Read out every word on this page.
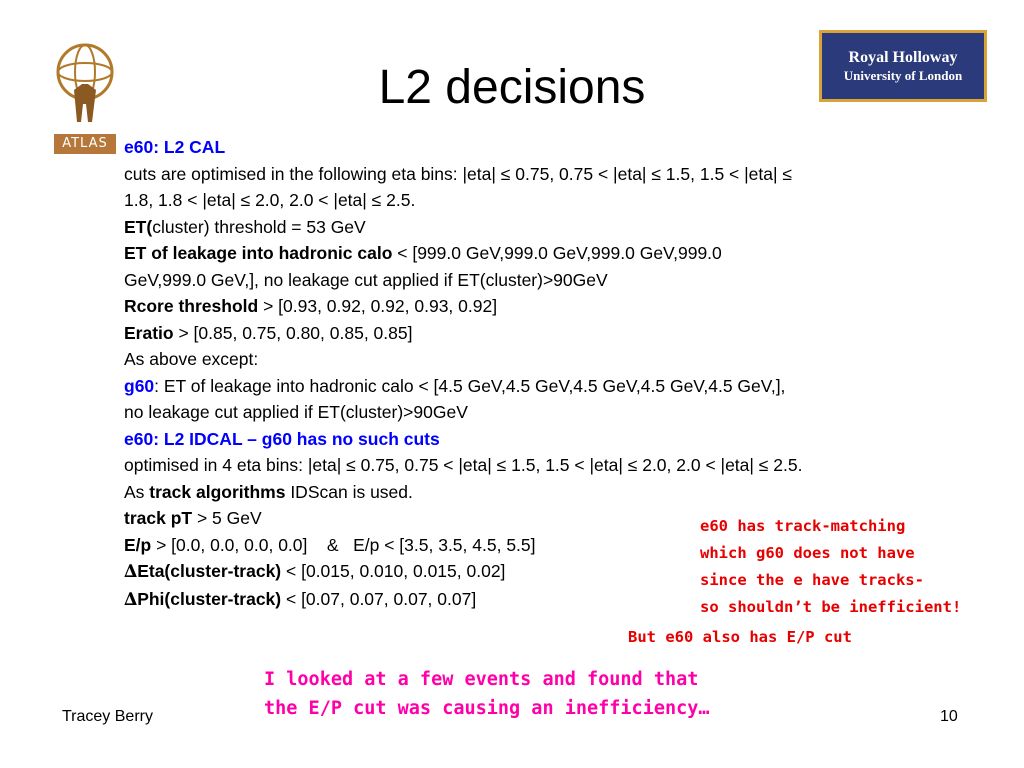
ATLAS
Royal Holloway
University of London
L2 decisions
e60: L2 CAL
cuts are optimised in the following eta bins: |eta| ≤ 0.75, 0.75 < |eta| ≤ 1.5, 1.5 < |eta| ≤
1.8, 1.8 < |eta| ≤ 2.0, 2.0 < |eta| ≤ 2.5.
ET(cluster) threshold = 53 GeV
ET of leakage into hadronic calo < [999.0 GeV,999.0 GeV,999.0 GeV,999.0
GeV,999.0 GeV,], no leakage cut applied if ET(cluster)>90GeV
Rcore threshold > [0.93, 0.92, 0.92, 0.93, 0.92]
Eratio > [0.85, 0.75, 0.80, 0.85, 0.85]
As above except:
g60: ET of leakage into hadronic calo < [4.5 GeV,4.5 GeV,4.5 GeV,4.5 GeV,4.5 GeV,],
no leakage cut applied if ET(cluster)>90GeV
e60: L2 IDCAL – g60 has no such cuts
optimised in 4 eta bins: |eta| ≤ 0.75, 0.75 < |eta| ≤ 1.5, 1.5 < |eta| ≤ 2.0, 2.0 < |eta| ≤ 2.5.
As track algorithms IDScan is used.
track pT > 5 GeV
E/p > [0.0, 0.0, 0.0, 0.0]    &   E/p < [3.5, 3.5, 4.5, 5.5]
∆Eta(cluster-track) < [0.015, 0.010, 0.015, 0.02]
∆Phi(cluster-track) < [0.07, 0.07, 0.07, 0.07]
e60 has track-matching
which g60 does not have
since the e have tracks-
so shouldn’t be inefficient!
But e60 also has E/P cut
I looked at a few events and found that
the E/P cut was causing an inefficiency…
Tracey Berry	10
